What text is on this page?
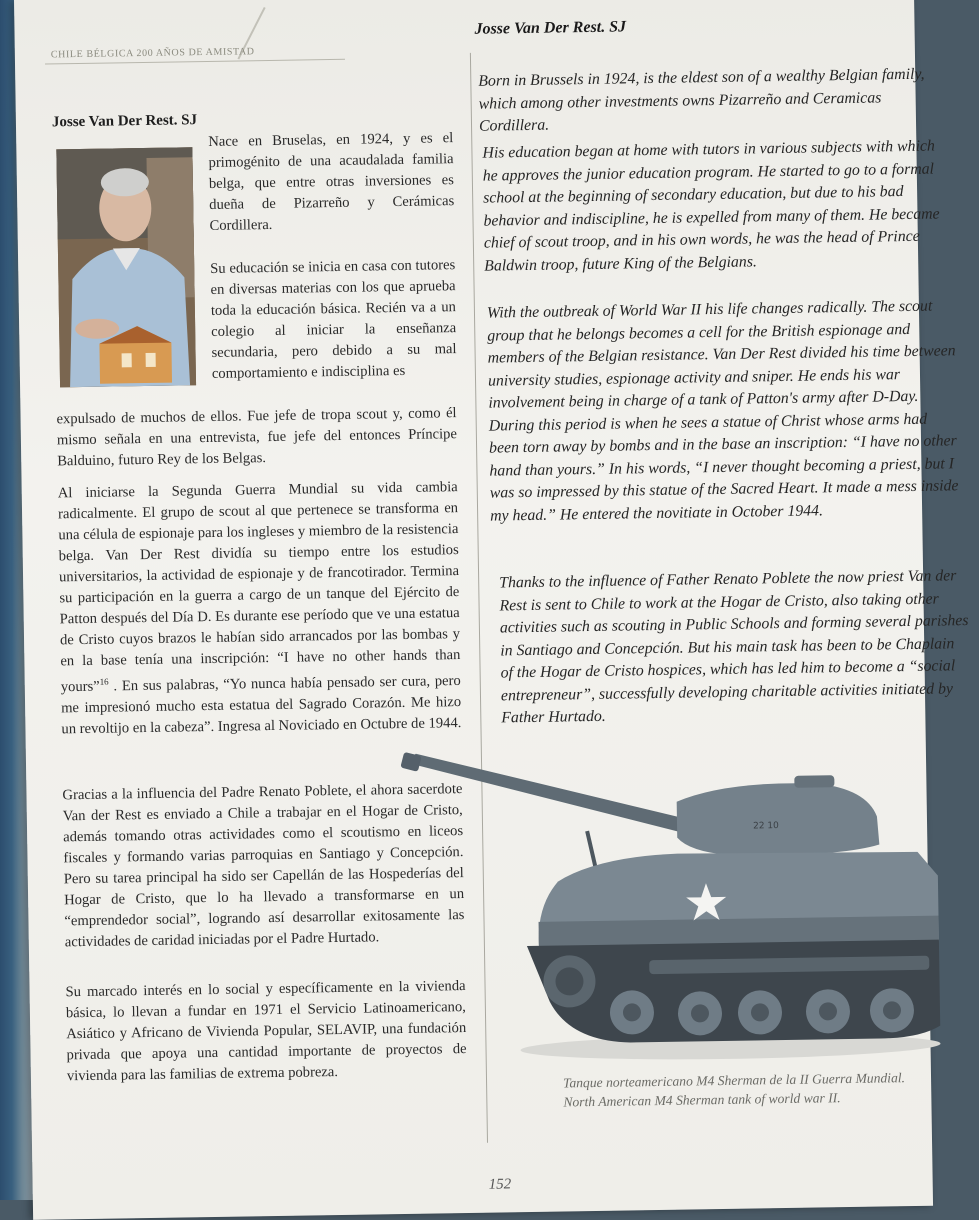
CHILE BÉLGICA 200 AÑOS DE AMISTAD
Josse Van Der Rest. SJ

Nace en Bruselas, en 1924, y es el primogénito de una acaudalada familia belga, que entre otras inversiones es dueña de Pizarreño y Cerámicas Cordillera.

Su educación se inicia en casa con tutores en diversas materias con los que aprueba toda la educación básica. Recién va a un colegio al iniciar la enseñanza secundaria, pero debido a su mal comportamiento e indisciplina es

expulsado de muchos de ellos. Fue jefe de tropa scout y, como él mismo señala en una entrevista, fue jefe del entonces Príncipe Balduino, futuro Rey de los Belgas.

Al iniciarse la Segunda Guerra Mundial su vida cambia radicalmente. El grupo de scout al que pertenece se transforma en una célula de espionaje para los ingleses y miembro de la resistencia belga. Van Der Rest dividía su tiempo entre los estudios universitarios, la actividad de espionaje y de francotirador. Termina su participación en la guerra a cargo de un tanque del Ejército de Patton después del Día D. Es durante ese período que ve una estatua de Cristo cuyos brazos le habían sido arrancados por las bombas y en la base tenía una inscripción: “I have no other hands than yours”$^{16}$ . En sus palabras, “Yo nunca había pensado ser cura, pero me impresionó mucho esta estatua del Sagrado Corazón. Me hizo un revoltijo en la cabeza”. Ingresa al Noviciado en Octubre de 1944.

Gracias a la influencia del Padre Renato Poblete, el ahora sacerdote Van der Rest es enviado a Chile a trabajar en el Hogar de Cristo, además tomando otras actividades como el scoutismo en liceos fiscales y formando varias parroquias en Santiago y Concepción. Pero su tarea principal ha sido ser Capellán de las Hospederías del Hogar de Cristo, que lo ha llevado a transformarse en un “emprendedor social”, logrando así desarrollar exitosamente las actividades de caridad iniciadas por el Padre Hurtado.

Su marcado interés en lo social y específicamente en la vivienda básica, lo llevan a fundar en 1971 el Servicio Latinoamericano, Asiático y Africano de Vivienda Popular, SELAVIP, una fundación privada que apoya una cantidad importante de proyectos de vivienda para las familias de extrema pobreza.

Josse Van Der Rest. SJ

Born in Brussels in 1924, is the eldest son of a wealthy Belgian family, which among other investments owns Pizarreño and Ceramicas Cordillera.

His education began at home with tutors in various subjects with which he approves the junior education program. He started to go to a formal school at the beginning of secondary education, but due to his bad behavior and indiscipline, he is expelled from many of them. He became chief of scout troop, and in his own words, he was the head of Prince Baldwin troop, future King of the Belgians.

With the outbreak of World War II his life changes radically. The scout group that he belongs becomes a cell for the British espionage and members of the Belgian resistance. Van Der Rest divided his time between university studies, espionage activity and sniper. He ends his war involvement being in charge of a tank of Patton's army after D-Day. During this period is when he sees a statue of Christ whose arms had been torn away by bombs and in the base an inscription: “I have no other hand than yours.” In his words, “I never thought becoming a priest, but I was so impressed by this statue of the Sacred Heart. It made a mess inside my head.” He entered the novitiate in October 1944.

Thanks to the influence of Father Renato Poblete the now priest Van der Rest is sent to Chile to work at the Hogar de Cristo, also taking other activities such as scouting in Public Schools and forming several parishes in Santiago and Concepción. But his main task has been to be Chaplain of the Hogar de Cristo hospices, which has led him to become a “social entrepreneur”, successfully developing charitable activities initiated by Father Hurtado.

22 10
Tanque norteamericano M4 Sherman de la II Guerra Mundial.
North American M4 Sherman tank of world war II.
152
